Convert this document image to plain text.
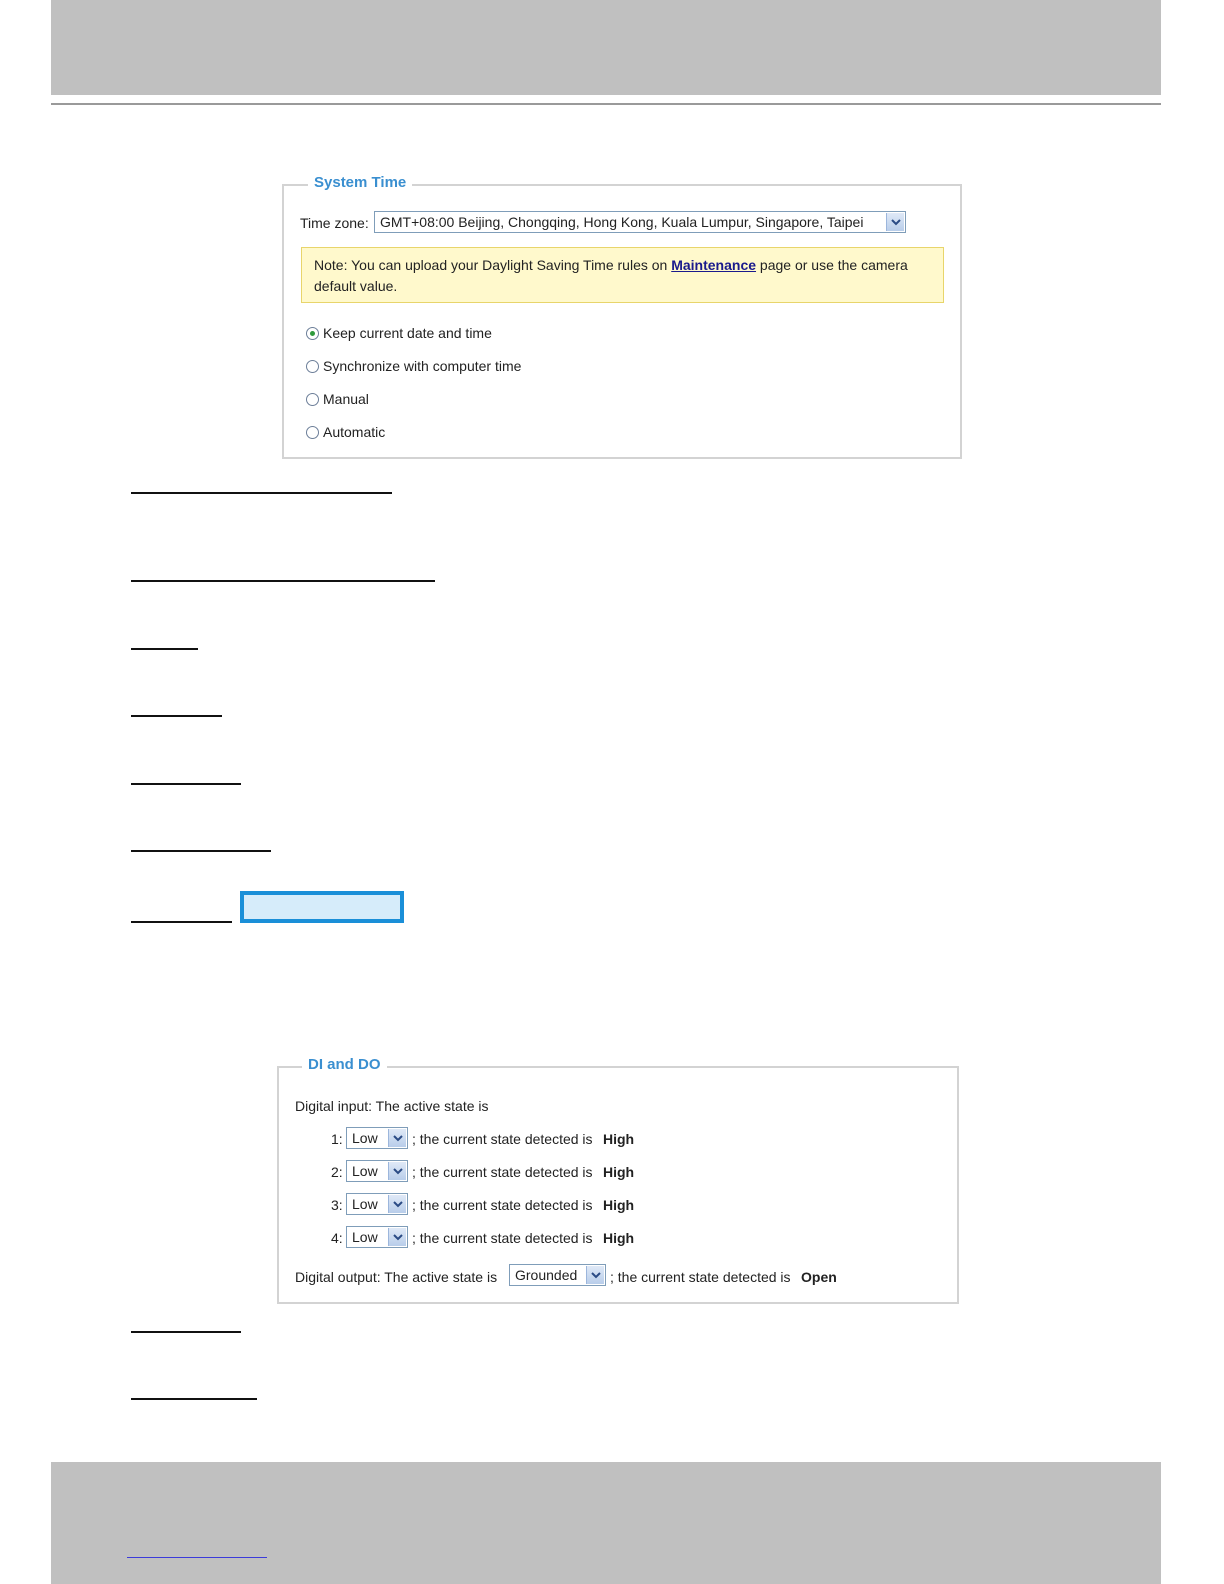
System Time
Time zone: GMT+08:00 Beijing, Chongqing, Hong Kong, Kuala Lumpur, Singapore, Taipei
Note: You can upload your Daylight Saving Time rules on Maintenance page or use the camera default value.
Keep current date and time
Synchronize with computer time
Manual
Automatic
DI and DO
Digital input: The active state is
1: Low	; the current state detected is High
2: Low	; the current state detected is High
3: Low	; the current state detected is High
4: Low	; the current state detected is High
Digital output: The active state is	Grounded	; the current state detected is Open
